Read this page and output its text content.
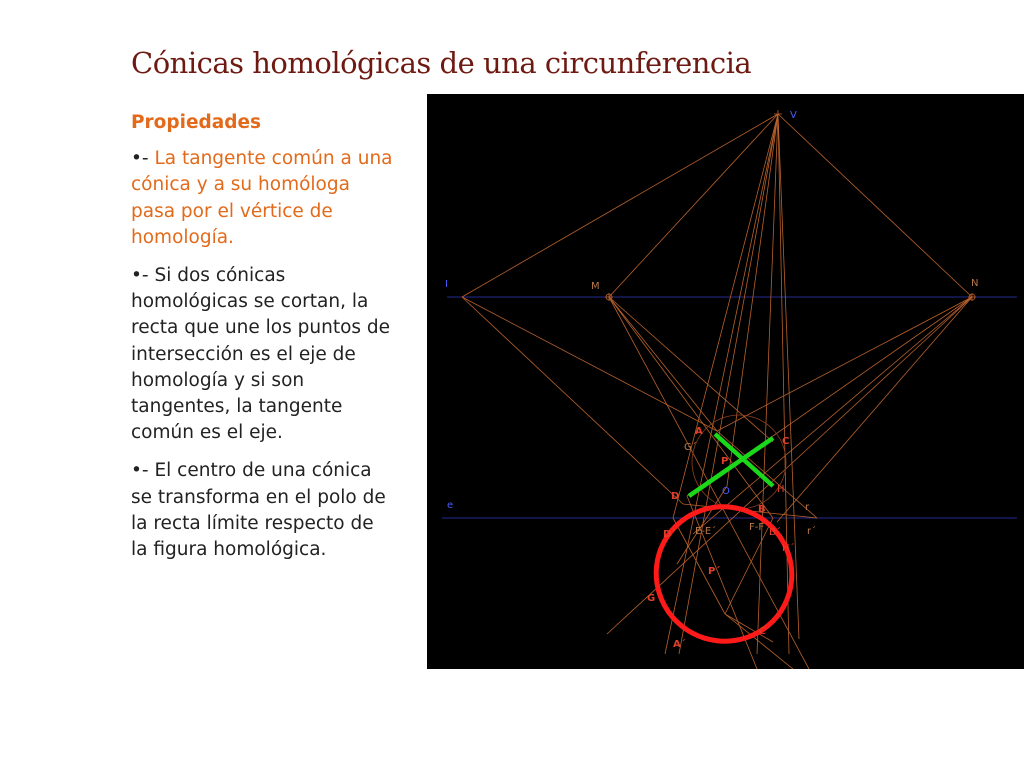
Cónicas homológicas de una circunferencia
Propiedades
•- La tangente común a una cónica y a su homóloga pasa por el vértice de homología.
•- Si dos cónicas homológicas se cortan, la recta que une los puntos de intersección es el eje de homología y si son tangentes, la tangente común es el eje.
•- El centro de una cónica se transforma en el polo de la recta límite respecto de la figura homológica.
V
I	M	N
e
A
G´
C
P
O	H
D
B	r
D´ E-E´	F-F B´	r´
H´
P´
G
C´
A´
